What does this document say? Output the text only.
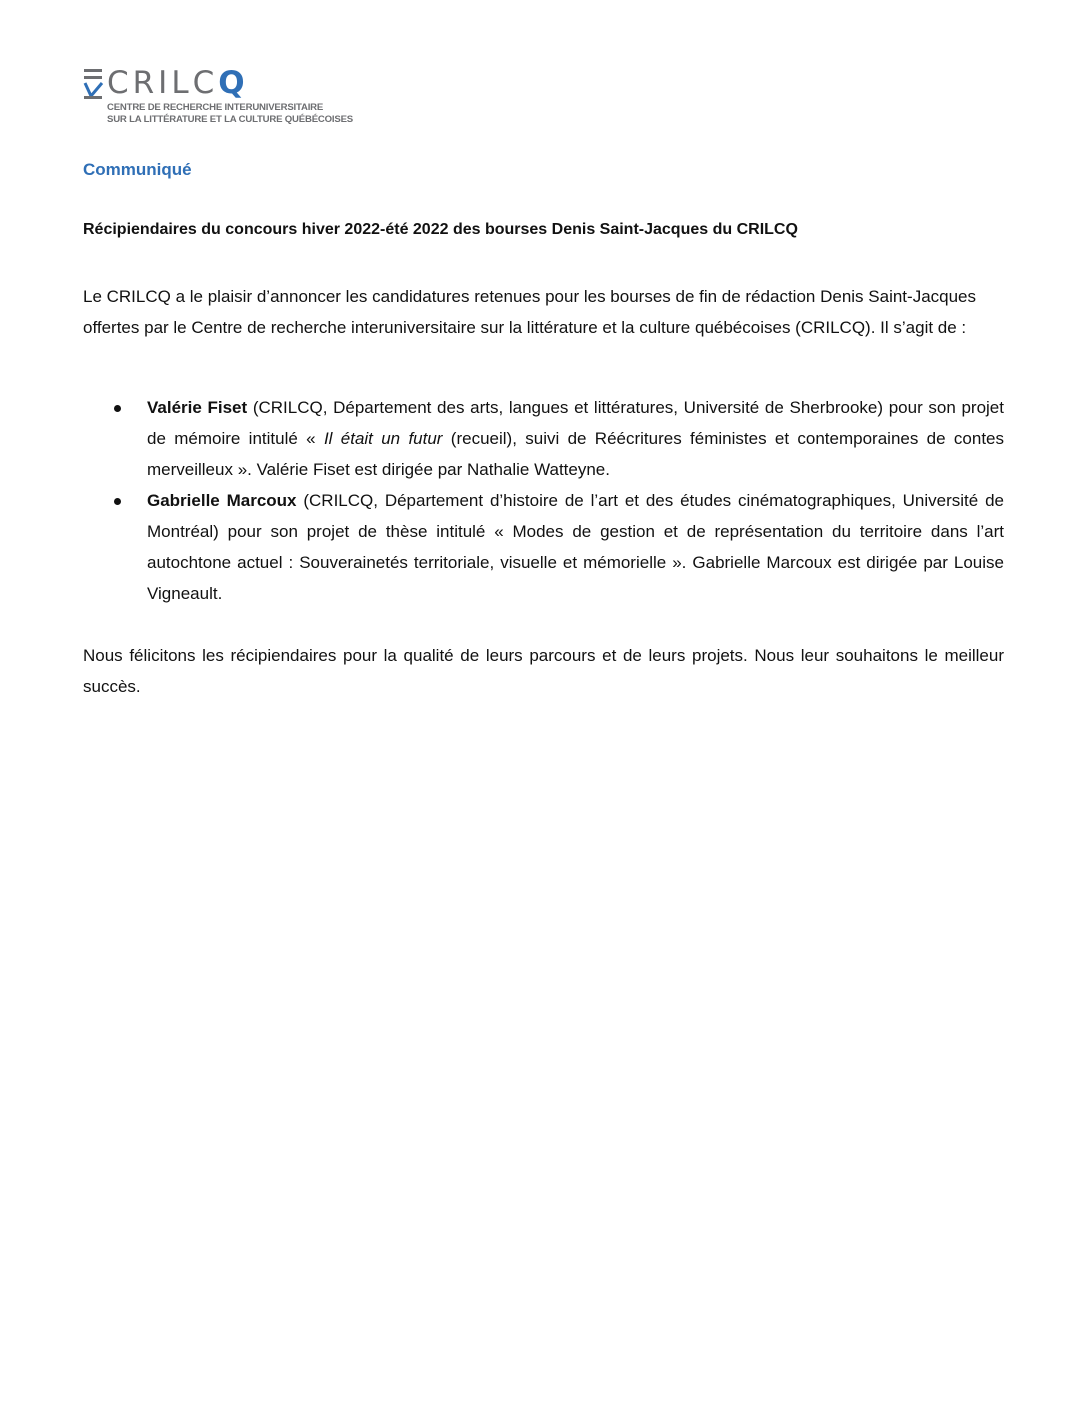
CRILCQ
CENTRE DE RECHERCHE INTERUNIVERSITAIRE
SUR LA LITTÉRATURE ET LA CULTURE QUÉBÉCOISES

Communiqué

Récipiendaires du concours hiver 2022-été 2022 des bourses Denis Saint-Jacques du CRILCQ

Le CRILCQ a le plaisir d’annoncer les candidatures retenues pour les bourses de fin de rédaction Denis Saint-Jacques offertes par le Centre de recherche interuniversitaire sur la littérature et la culture québécoises (CRILCQ). Il s’agit de :

Valérie Fiset (CRILCQ, Département des arts, langues et littératures, Université de Sherbrooke) pour son projet de mémoire intitulé « Il était un futur (recueil), suivi de Réécritures féministes et contemporaines de contes merveilleux ». Valérie Fiset est dirigée par Nathalie Watteyne.
Gabrielle Marcoux (CRILCQ, Département d’histoire de l’art et des études cinématographiques, Université de Montréal) pour son projet de thèse intitulé « Modes de gestion et de représentation du territoire dans l’art autochtone actuel : Souverainetés territoriale, visuelle et mémorielle ». Gabrielle Marcoux est dirigée par Louise Vigneault.

Nous félicitons les récipiendaires pour la qualité de leurs parcours et de leurs projets. Nous leur souhaitons le meilleur succès.
